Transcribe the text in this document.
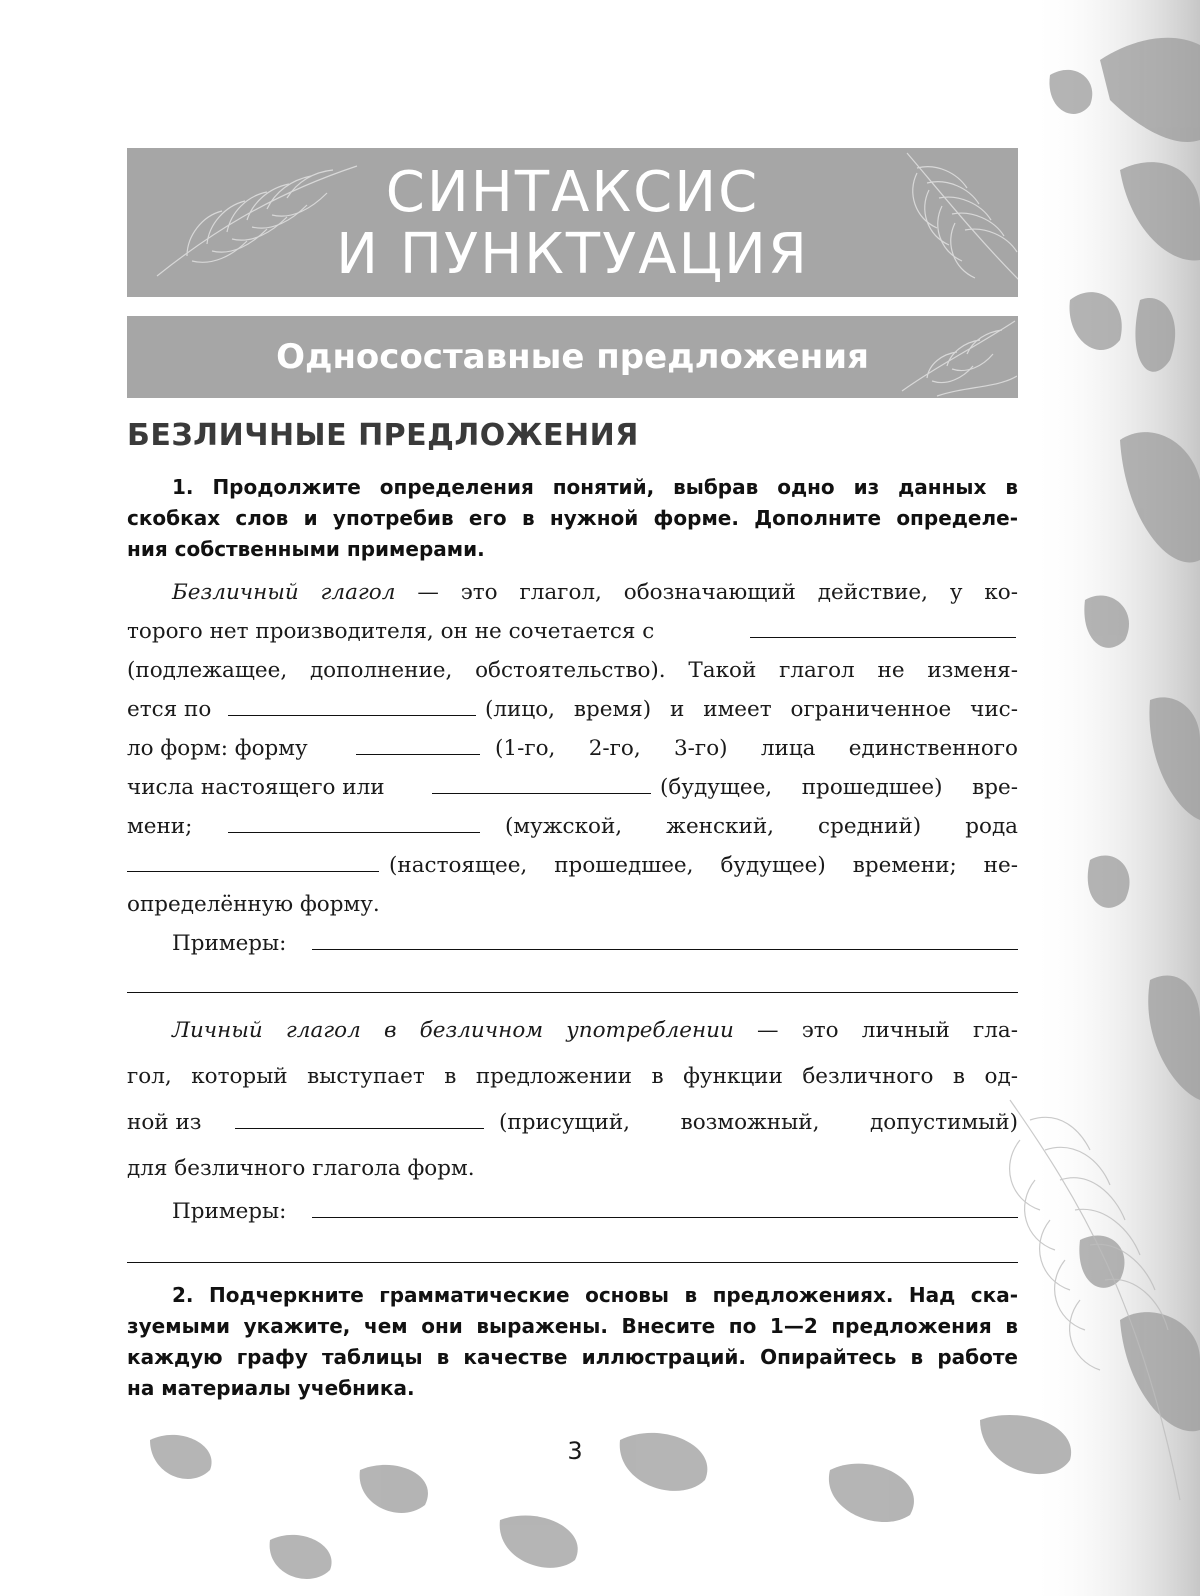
СИНТАКСИС
И ПУНКТУАЦИЯ
Односоставные предложения
БЕЗЛИЧНЫЕ ПРЕДЛОЖЕНИЯ
1. Продолжите определения понятий, выбрав одно из данных в
скобках слов и употребив его в нужной форме. Дополните определе-
ния собственными примерами.
Безличный глагол — это глагол, обозначающий действие, у ко-
торого нет производителя, он не сочетается с
(подлежащее, дополнение, обстоятельство). Такой глагол не изменя-
ется по	(лицо, время) и имеет ограниченное чис-
ло форм: форму	(1-го, 2-го, 3-го) лица единственного
числа настоящего или	(будущее, прошедшее) вре-
мени;	(мужской, женский, средний) рода
(настоящее, прошедшее, будущее) времени; не-
определённую форму.
Примеры:
Личный глагол в безличном употреблении — это личный гла-
гол, который выступает в предложении в функции безличного в од-
ной из	(присущий, возможный, допустимый)
для безличного глагола форм.
Примеры:
2. Подчеркните грамматические основы в предложениях. Над ска-
зуемыми укажите, чем они выражены. Внесите по 1—2 предложения в
каждую графу таблицы в качестве иллюстраций. Опирайтесь в работе
на материалы учебника.
3
